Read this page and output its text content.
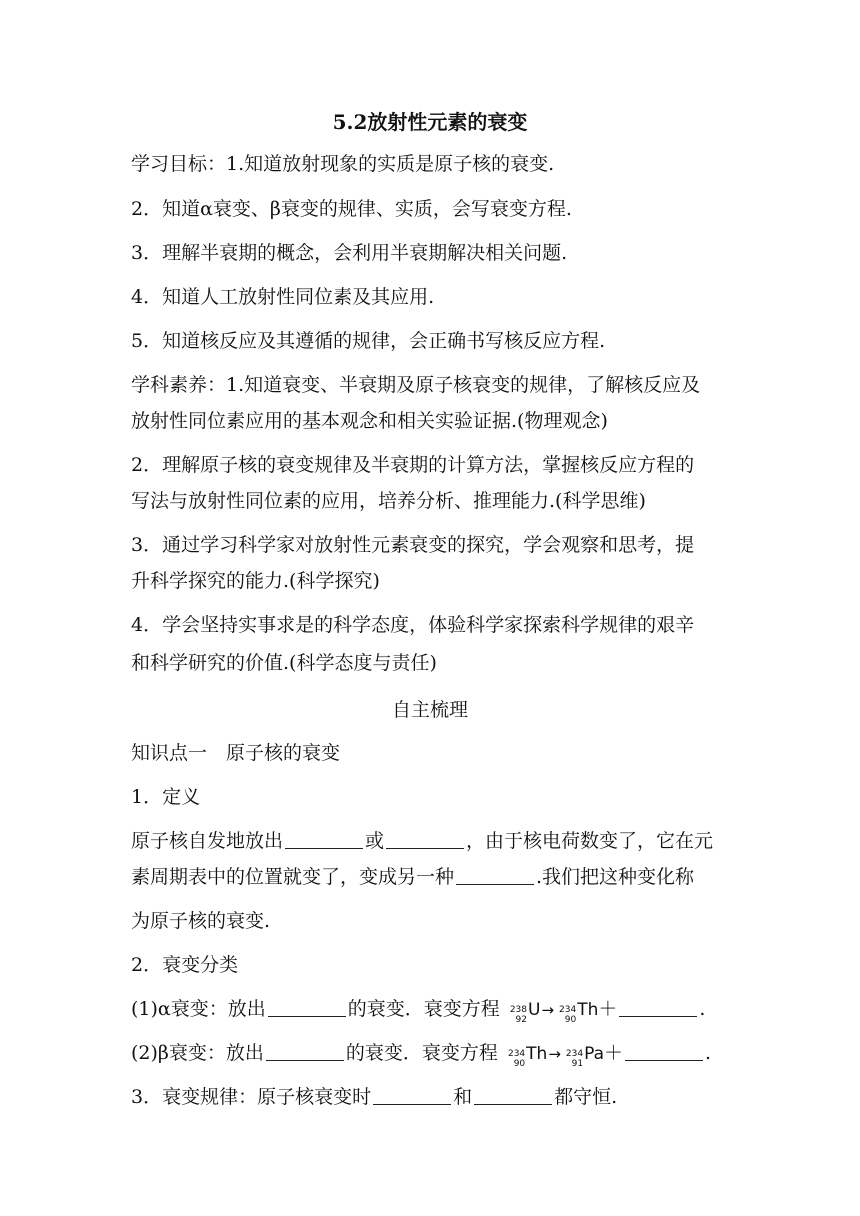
5.2放射性元素的衰变
学习目标：1.知道放射现象的实质是原子核的衰变.
2．知道α衰变、β衰变的规律、实质，会写衰变方程.
3．理解半衰期的概念，会利用半衰期解决相关问题.
4．知道人工放射性同位素及其应用.
5．知道核反应及其遵循的规律，会正确书写核反应方程.
学科素养：1.知道衰变、半衰期及原子核衰变的规律，了解核反应及
放射性同位素应用的基本观念和相关实验证据.(物理观念)
2．理解原子核的衰变规律及半衰期的计算方法，掌握核反应方程的
写法与放射性同位素的应用，培养分析、推理能力.(科学思维)
3．通过学习科学家对放射性元素衰变的探究，学会观察和思考，提
升科学探究的能力.(科学探究)
4．学会坚持实事求是的科学态度，体验科学家探索科学规律的艰辛
和科学研究的价值.(科学态度与责任)
自主梳理
知识点一　原子核的衰变
1．定义
原子核自发地放出	或	，由于核电荷数变了，它在元
素周期表中的位置就变了，变成另一种	.我们把这种变化称
为原子核的衰变.
2．衰变分类
(1)α衰变：放出	的衰变．衰变方程 238
92 U→ 234
90 Th＋	.
(2)β衰变：放出	的衰变．衰变方程 234
90 Th→ 234
91 Pa＋	.
3．衰变规律：原子核衰变时	和	都守恒.
